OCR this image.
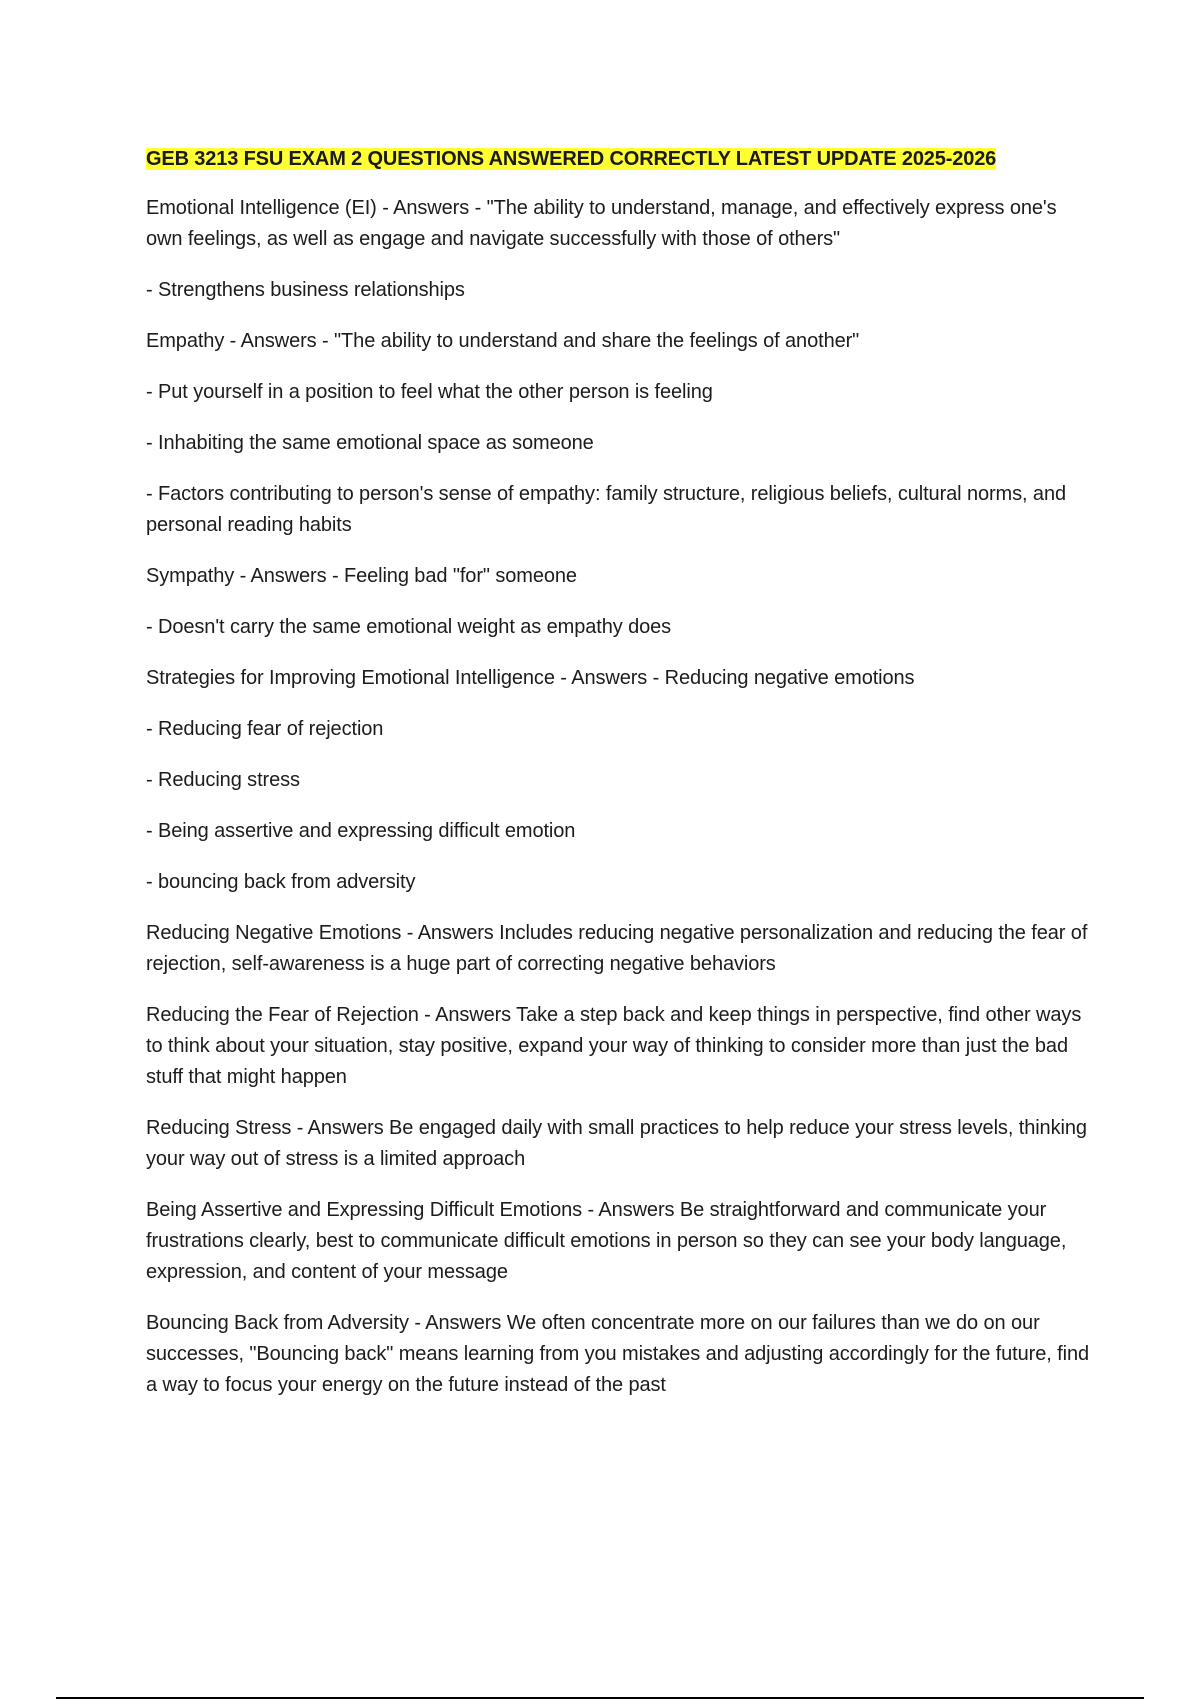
GEB 3213 FSU EXAM 2 QUESTIONS ANSWERED CORRECTLY LATEST UPDATE 2025-2026

Emotional Intelligence (EI) - Answers - "The ability to understand, manage, and effectively express one's own feelings, as well as engage and navigate successfully with those of others"

- Strengthens business relationships

Empathy - Answers - "The ability to understand and share the feelings of another"

- Put yourself in a position to feel what the other person is feeling

- Inhabiting the same emotional space as someone

- Factors contributing to person's sense of empathy: family structure, religious beliefs, cultural norms, and personal reading habits

Sympathy - Answers - Feeling bad "for" someone

- Doesn't carry the same emotional weight as empathy does

Strategies for Improving Emotional Intelligence - Answers - Reducing negative emotions

- Reducing fear of rejection

- Reducing stress

- Being assertive and expressing difficult emotion

- bouncing back from adversity

Reducing Negative Emotions - Answers Includes reducing negative personalization and reducing the fear of rejection, self-awareness is a huge part of correcting negative behaviors

Reducing the Fear of Rejection - Answers Take a step back and keep things in perspective, find other ways to think about your situation, stay positive, expand your way of thinking to consider more than just the bad stuff that might happen

Reducing Stress - Answers Be engaged daily with small practices to help reduce your stress levels, thinking your way out of stress is a limited approach

Being Assertive and Expressing Difficult Emotions - Answers Be straightforward and communicate your frustrations clearly, best to communicate difficult emotions in person so they can see your body language, expression, and content of your message

Bouncing Back from Adversity - Answers We often concentrate more on our failures than we do on our successes, "Bouncing back" means learning from you mistakes and adjusting accordingly for the future, find a way to focus your energy on the future instead of the past
